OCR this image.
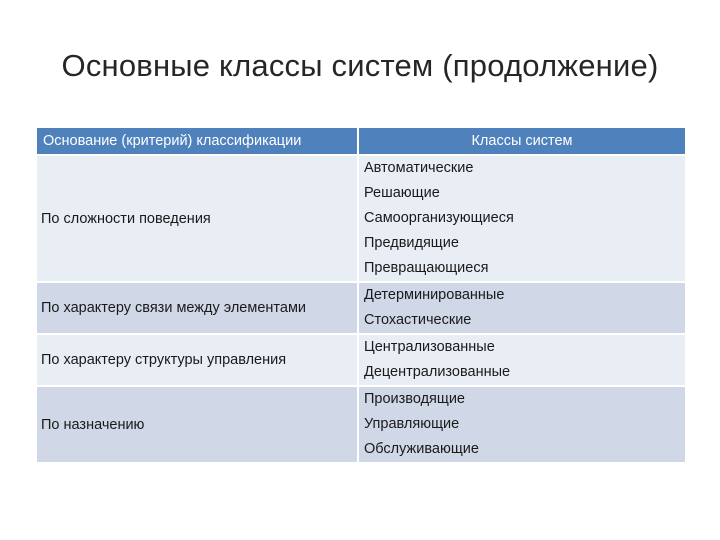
Основные классы систем (продолжение)
Основание (критерий) классификации	Классы систем
По сложности поведения	Автоматические
Решающие
Самоорганизующиеся
Предвидящие
Превращающиеся

По характеру связи между элементами	Детерминированные
Стохастические

По характеру структуры управления	Централизованные
Децентрализованные

По назначению	Производящие
Управляющие
Обслуживающие
